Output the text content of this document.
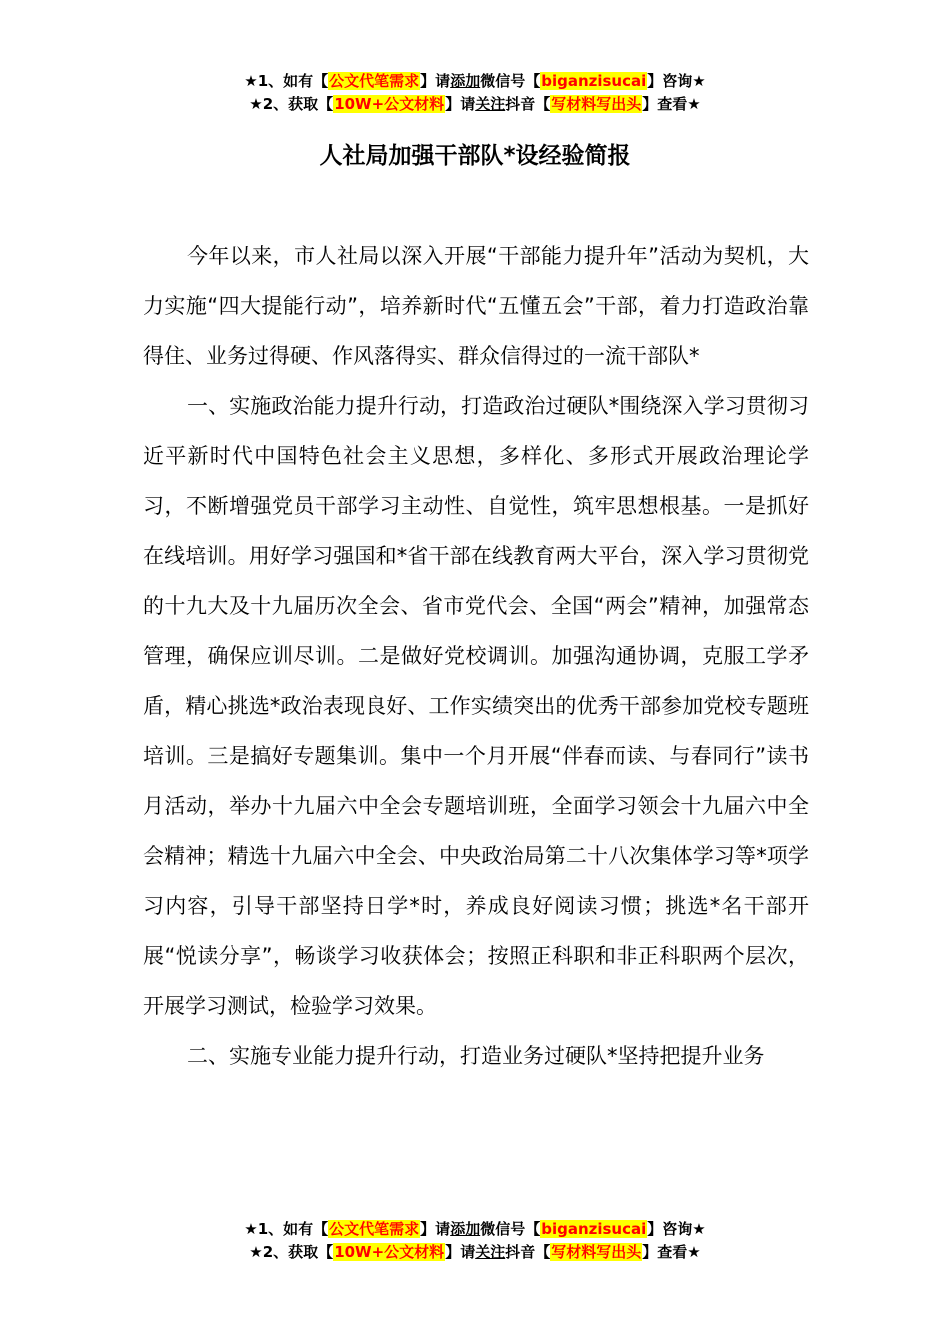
★1、如有【公文代笔需求】请添加微信号【biganzisucai】咨询★
★2、获取【10W+公文材料】请关注抖音【写材料写出头】查看★
人社局加强干部队*设经验简报

今年以来，市人社局以深入开展“干部能力提升年”活动为契机，大力实施“四大提能行动”，培养新时代“五懂五会”干部，着力打造政治靠得住、业务过得硬、作风落得实、群众信得过的一流干部队*

一、实施政治能力提升行动，打造政治过硬队*围绕深入学习贯彻习近平新时代中国特色社会主义思想，多样化、多形式开展政治理论学习，不断增强党员干部学习主动性、自觉性，筑牢思想根基。一是抓好在线培训。用好学习强国和*省干部在线教育两大平台，深入学习贯彻党的十九大及十九届历次全会、省市党代会、全国“两会”精神，加强常态管理，确保应训尽训。二是做好党校调训。加强沟通协调，克服工学矛盾，精心挑选*政治表现良好、工作实绩突出的优秀干部参加党校专题班培训。三是搞好专题集训。集中一个月开展“伴春而读、与春同行”读书月活动，举办十九届六中全会专题培训班，全面学习领会十九届六中全会精神；精选十九届六中全会、中央政治局第二十八次集体学习等*项学习内容，引导干部坚持日学*时，养成良好阅读习惯；挑选*名干部开展“悦读分享”，畅谈学习收获体会；按照正科职和非正科职两个层次，开展学习测试，检验学习效果。

二、实施专业能力提升行动，打造业务过硬队*坚持把提升业务

★1、如有【公文代笔需求】请添加微信号【biganzisucai】咨询★
★2、获取【10W+公文材料】请关注抖音【写材料写出头】查看★
